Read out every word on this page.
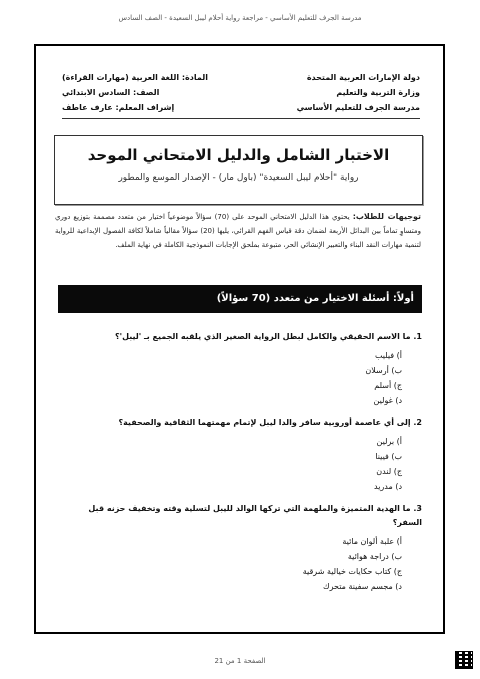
مدرسة الجرف للتعليم الأساسي - مراجعة رواية أحلام ليبل السعيدة - الصف السادس
دولة الإمارات العربية المتحدة
المادة: اللغة العربية (مهارات القراءة)
وزارة التربية والتعليم
الصف: السادس الابتدائي
مدرسة الجرف للتعليم الأساسي
إشراف المعلم: عارف عاطف
الاختبار الشامل والدليل الامتحاني الموحد
رواية "أحلام ليبل السعيدة" (باول مار) - الإصدار الموسع والمطور
توجيهات للطلاب: يحتوي هذا الدليل الامتحاني الموحد على (70) سؤالاً موضوعياً اختيار من متعدد مصممة بتوزيع دوري ومتساوٍ تماماً بين البدائل الأربعة لضمان دقة قياس الفهم القرائي، يليها (20) سؤالاً مقالياً شاملاً لكافة الفصول الإبداعية للرواية لتنمية مهارات النقد البناء والتعبير الإنشائي الحر، متبوعة بملحق الإجابات النموذجية الكاملة في نهاية الملف.
أولاً: أسئلة الاختيار من متعدد (70 سؤالاً)
1. ما الاسم الحقيقي والكامل لبطل الرواية الصغير الذي يلقبه الجميع بـ 'ليبل'؟
أ) فيليب
ب) أرسلان
ج) أسلم
د) غولين
2. إلى أي عاصمة أوروبية سافر والدا ليبل لإتمام مهمتهما الثقافية والصحفية؟
أ) برلين
ب) فيينا
ج) لندن
د) مدريد
3. ما الهدية المتميزة والملهمة التي تركها الوالد لليبل لتسلية وقته وتخفيف حزنه قبل السفر؟
أ) علبة ألوان مائية
ب) دراجة هوائية
ج) كتاب حكايات خيالية شرقية
د) مجسم سفينة متحرك
الصفحة 1 من 21
